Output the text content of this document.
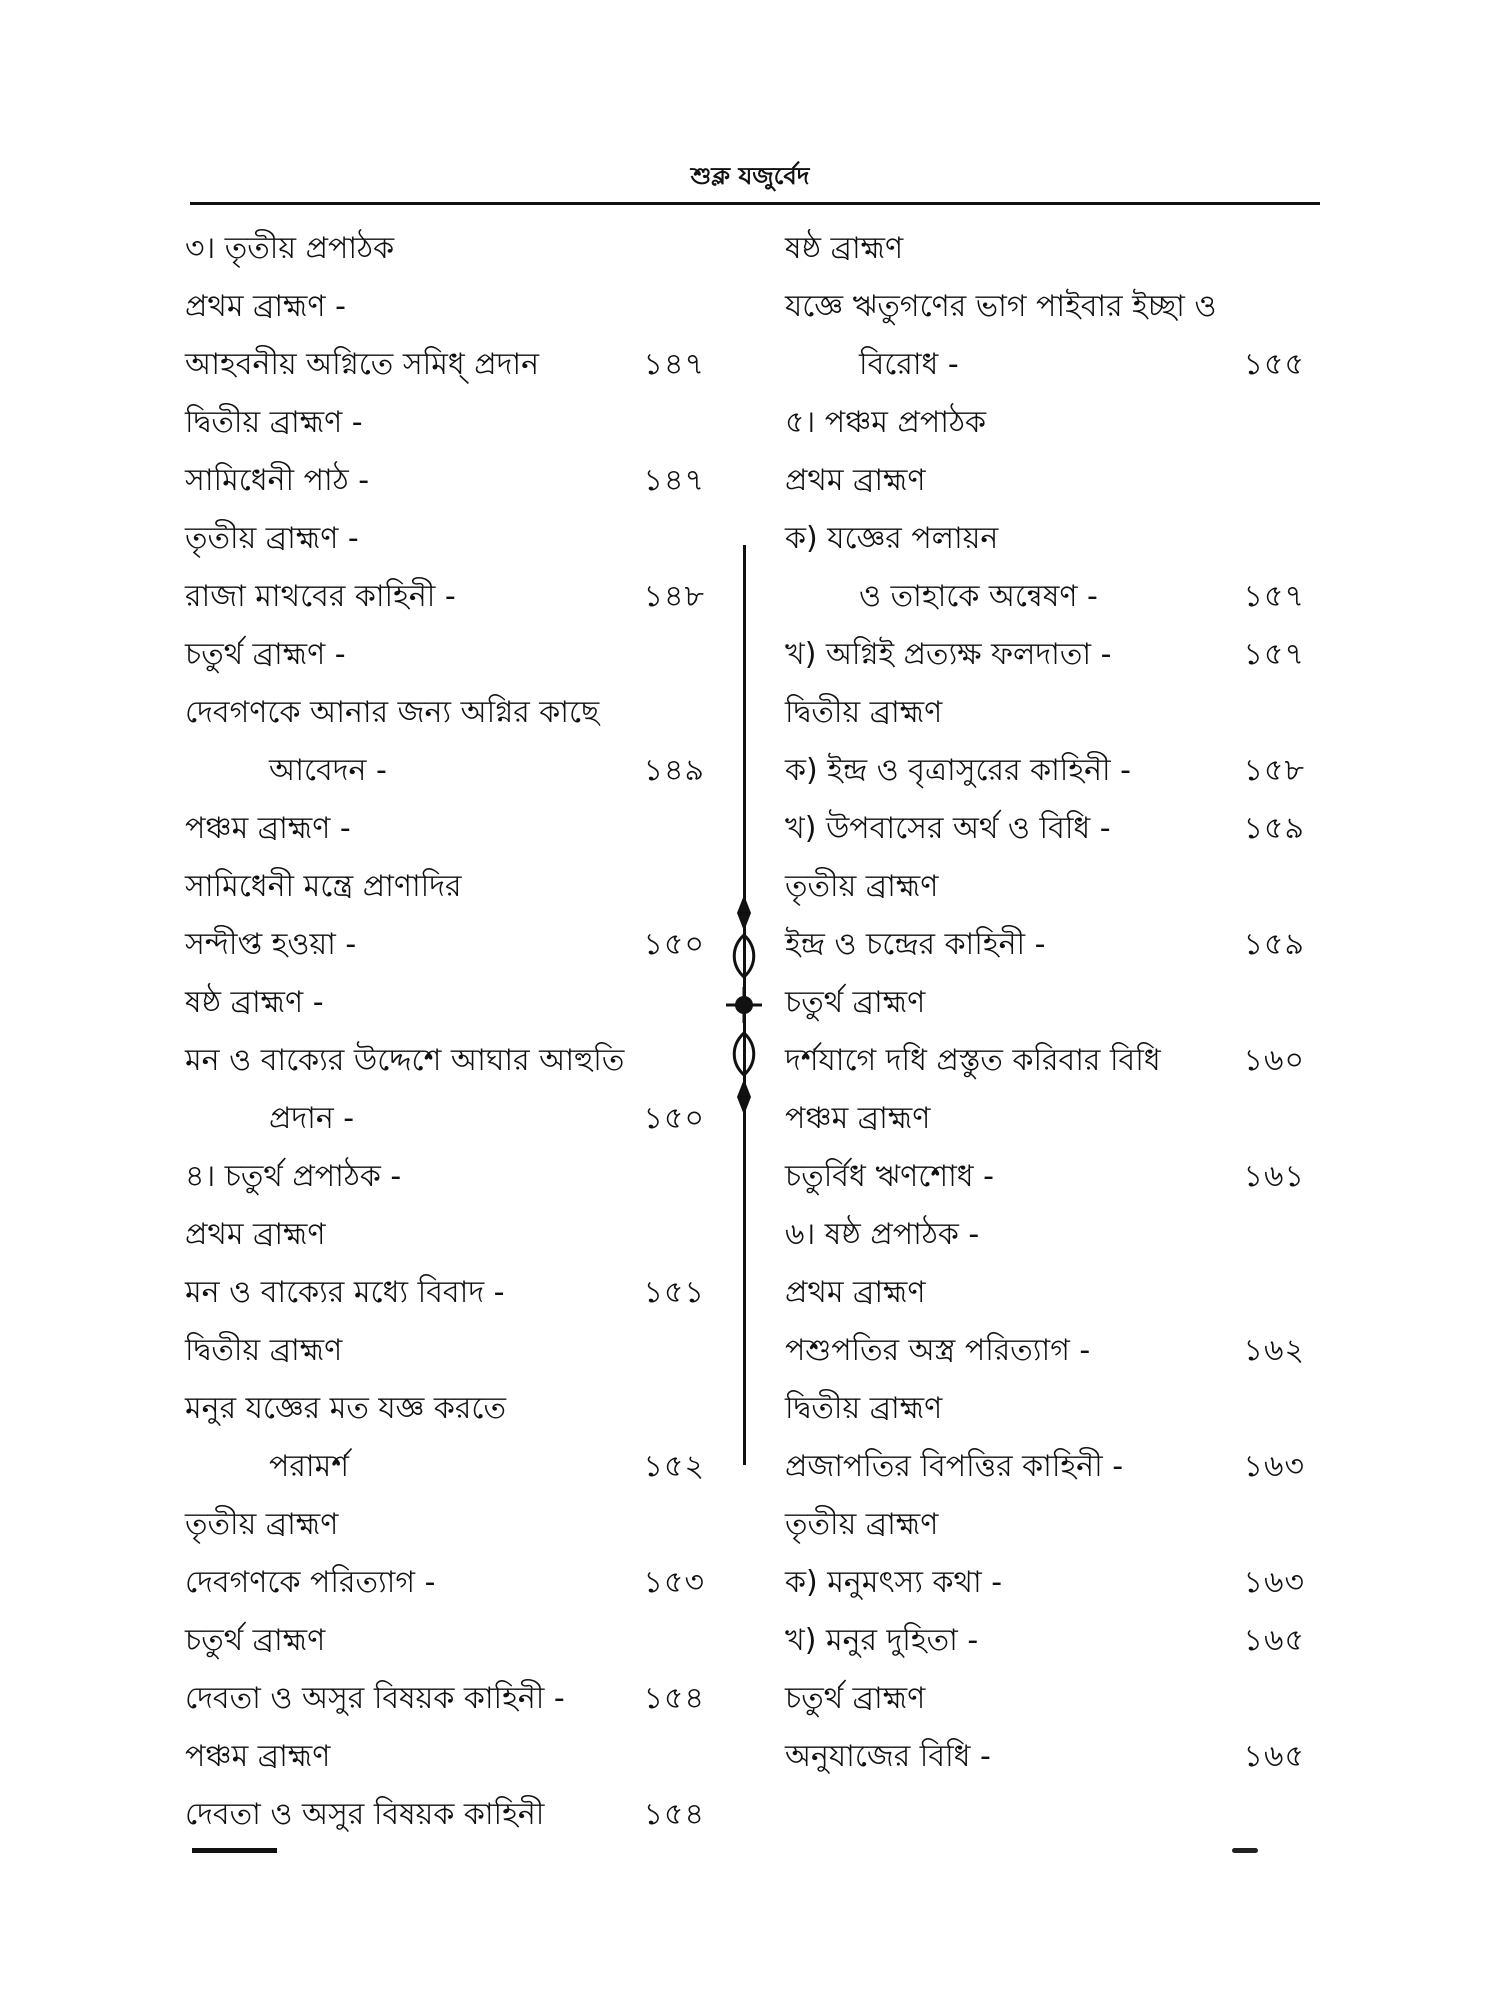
শুক্ল যজুর্বেদ
৩। তৃতীয় প্রপাঠক
প্রথম ব্রাহ্মণ -
আহবনীয় অগ্নিতে সমিধ্ প্রদান	১৪৭
দ্বিতীয় ব্রাহ্মণ -
সামিধেনী পাঠ -	১৪৭
তৃতীয় ব্রাহ্মণ -
রাজা মাথবের কাহিনী -	১৪৮
চতুর্থ ব্রাহ্মণ -
দেবগণকে আনার জন্য অগ্নির কাছে
আবেদন -	১৪৯
পঞ্চম ব্রাহ্মণ -
সামিধেনী মন্ত্রে প্রাণাদির
সন্দীপ্ত হওয়া -	১৫০
ষষ্ঠ ব্রাহ্মণ -
মন ও বাক্যের উদ্দেশে আঘার আহুতি
প্রদান -	১৫০
৪। চতুর্থ প্রপাঠক -
প্রথম ব্রাহ্মণ
মন ও বাক্যের মধ্যে বিবাদ -	১৫১
দ্বিতীয় ব্রাহ্মণ
মনুর যজ্ঞের মত যজ্ঞ করতে
পরামর্শ	১৫২
তৃতীয় ব্রাহ্মণ
দেবগণকে পরিত্যাগ -	১৫৩
চতুর্থ ব্রাহ্মণ
দেবতা ও অসুর বিষয়ক কাহিনী -	১৫৪
পঞ্চম ব্রাহ্মণ
দেবতা ও অসুর বিষয়ক কাহিনী	১৫৪
ষষ্ঠ ব্রাহ্মণ
যজ্ঞে ঋতুগণের ভাগ পাইবার ইচ্ছা ও
বিরোধ -	১৫৫
৫। পঞ্চম প্রপাঠক
প্রথম ব্রাহ্মণ
ক) যজ্ঞের পলায়ন
ও তাহাকে অন্বেষণ -	১৫৭
খ) অগ্নিই প্রত্যক্ষ ফলদাতা -	১৫৭
দ্বিতীয় ব্রাহ্মণ
ক) ইন্দ্র ও বৃত্রাসুরের কাহিনী -	১৫৮
খ) উপবাসের অর্থ ও বিধি -	১৫৯
তৃতীয় ব্রাহ্মণ
ইন্দ্র ও চন্দ্রের কাহিনী -	১৫৯
চতুর্থ ব্রাহ্মণ
দর্শযাগে দধি প্রস্তুত করিবার বিধি	১৬০
পঞ্চম ব্রাহ্মণ
চতুর্বিধ ঋণশোধ -	১৬১
৬। ষষ্ঠ প্রপাঠক -
প্রথম ব্রাহ্মণ
পশুপতির অস্ত্র পরিত্যাগ -	১৬২
দ্বিতীয় ব্রাহ্মণ
প্রজাপতির বিপত্তির কাহিনী -	১৬৩
তৃতীয় ব্রাহ্মণ
ক) মনুমৎস্য কথা -	১৬৩
খ) মনুর দুহিতা -	১৬৫
চতুর্থ ব্রাহ্মণ
অনুযাজের বিধি -	১৬৫
